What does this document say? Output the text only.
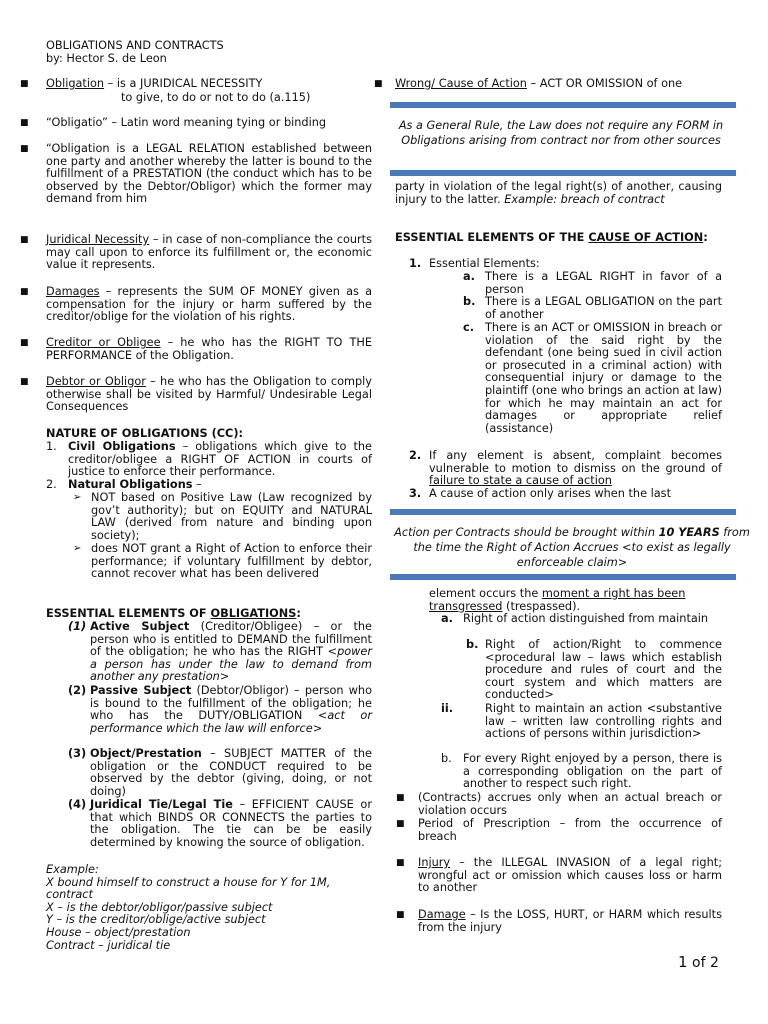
OBLIGATIONS AND CONTRACTS
by: Hector S. de Leon
■ Obligation – is a JURIDICAL NECESSITY
to give, to do or not to do (a.115)
■ “Obligatio” – Latin word meaning tying or binding
■ “Obligation is a LEGAL RELATION established between one party and another whereby the latter is bound to the fulfillment of a PRESTATION (the conduct which has to be observed by the Debtor/Obligor) which the former may demand from him
■ Juridical Necessity – in case of non-compliance the courts may call upon to enforce its fulfillment or, the economic value it represents.
■ Damages – represents the SUM OF MONEY given as a compensation for the injury or harm suffered by the creditor/oblige for the violation of his rights.
■ Creditor or Obligee – he who has the RIGHT TO THE PERFORMANCE of the Obligation.
■ Debtor or Obligor – he who has the Obligation to comply otherwise shall be visited by Harmful/ Undesirable Legal Consequences
NATURE OF OBLIGATIONS (CC):
1. Civil Obligations – obligations which give to the creditor/obligee a RIGHT OF ACTION in courts of justice to enforce their performance.
2. Natural Obligations –
➢ NOT based on Positive Law (Law recognized by gov’t authority); but on EQUITY and NATURAL LAW (derived from nature and binding upon society);
➢ does NOT grant a Right of Action to enforce their performance; if voluntary fulfillment by debtor, cannot recover what has been delivered
ESSENTIAL ELEMENTS OF OBLIGATIONS:
(1) Active Subject (Creditor/Obligee) – or the person who is entitled to DEMAND the fulfillment of the obligation; he who has the RIGHT <power a person has under the law to demand from another any prestation>
(2) Passive Subject (Debtor/Obligor) – person who is bound to the fulfillment of the obligation; he who has the DUTY/OBLIGATION <act or performance which the law will enforce>
(3) Object/Prestation – SUBJECT MATTER of the obligation or the CONDUCT required to be observed by the debtor (giving, doing, or not doing)
(4) Juridical Tie/Legal Tie – EFFICIENT CAUSE or that which BINDS OR CONNECTS the parties to the obligation. The tie can be be easily determined by knowing the source of obligation.

Example:

X bound himself to construct a house for Y for 1M, contract

X – is the debtor/obligor/passive subject

Y – is the creditor/oblige/active subject

House – object/prestation

Contract – juridical tie

■ Wrong/ Cause of Action – ACT OR OMISSION of one
As a General Rule, the Law does not require any FORM in Obligations arising from contract nor from other sources
party in violation of the legal right(s) of another, causing injury to the latter. Example: breach of contract
ESSENTIAL ELEMENTS OF THE CAUSE OF ACTION:
1. Essential Elements:
a. There is a LEGAL RIGHT in favor of a person
b. There is a LEGAL OBLIGATION on the part of another
c. There is an ACT or OMISSION in breach or violation of the said right by the defendant (one being sued in civil action or prosecuted in a criminal action) with consequential injury or damage to the plaintiff (one who brings an action at law) for which he may maintain an act for damages or appropriate relief (assistance)
2. If any element is absent, complaint becomes vulnerable to motion to dismiss on the ground of failure to state a cause of action
3. A cause of action only arises when the last
Action per Contracts should be brought within 10 YEARS from the time the Right of Action Accrues <to exist as legally enforceable claim>
element occurs the moment a right has been transgressed (trespassed).
a. Right of action distinguished from maintain
b. Right of action/Right to commence <procedural law – laws which establish procedure and rules of court and the court system and which matters are conducted>
ii.	Right to maintain an action <substantive law – written law controlling rights and actions of persons within jurisdiction>
b. For every Right enjoyed by a person, there is a corresponding obligation on the part of another to respect such right.
■ (Contracts) accrues only when an actual breach or violation occurs
■ Period of Prescription – from the occurrence of breach
■ Injury – the ILLEGAL INVASION of a legal right; wrongful act or omission which causes loss or harm to another
■ Damage – Is the LOSS, HURT, or HARM which results from the injury
1 of 2
